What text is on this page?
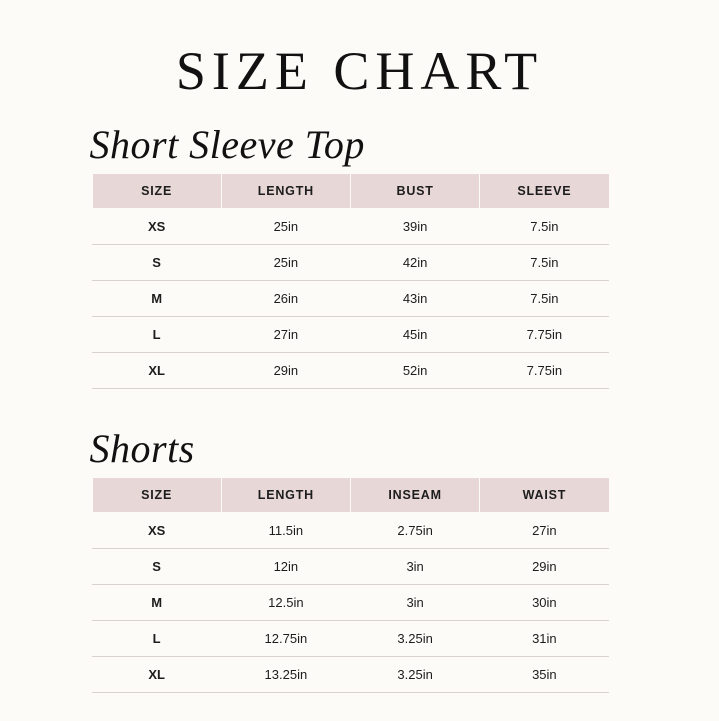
SIZE CHART
Short Sleeve Top
SIZE	LENGTH	BUST	SLEEVE
XS	25in	39in	7.5in
S	25in	42in	7.5in
M	26in	43in	7.5in
L	27in	45in	7.75in
XL	29in	52in	7.75in
Shorts
SIZE	LENGTH	INSEAM	WAIST
XS	11.5in	2.75in	27in
S	12in	3in	29in
M	12.5in	3in	30in
L	12.75in	3.25in	31in
XL	13.25in	3.25in	35in
